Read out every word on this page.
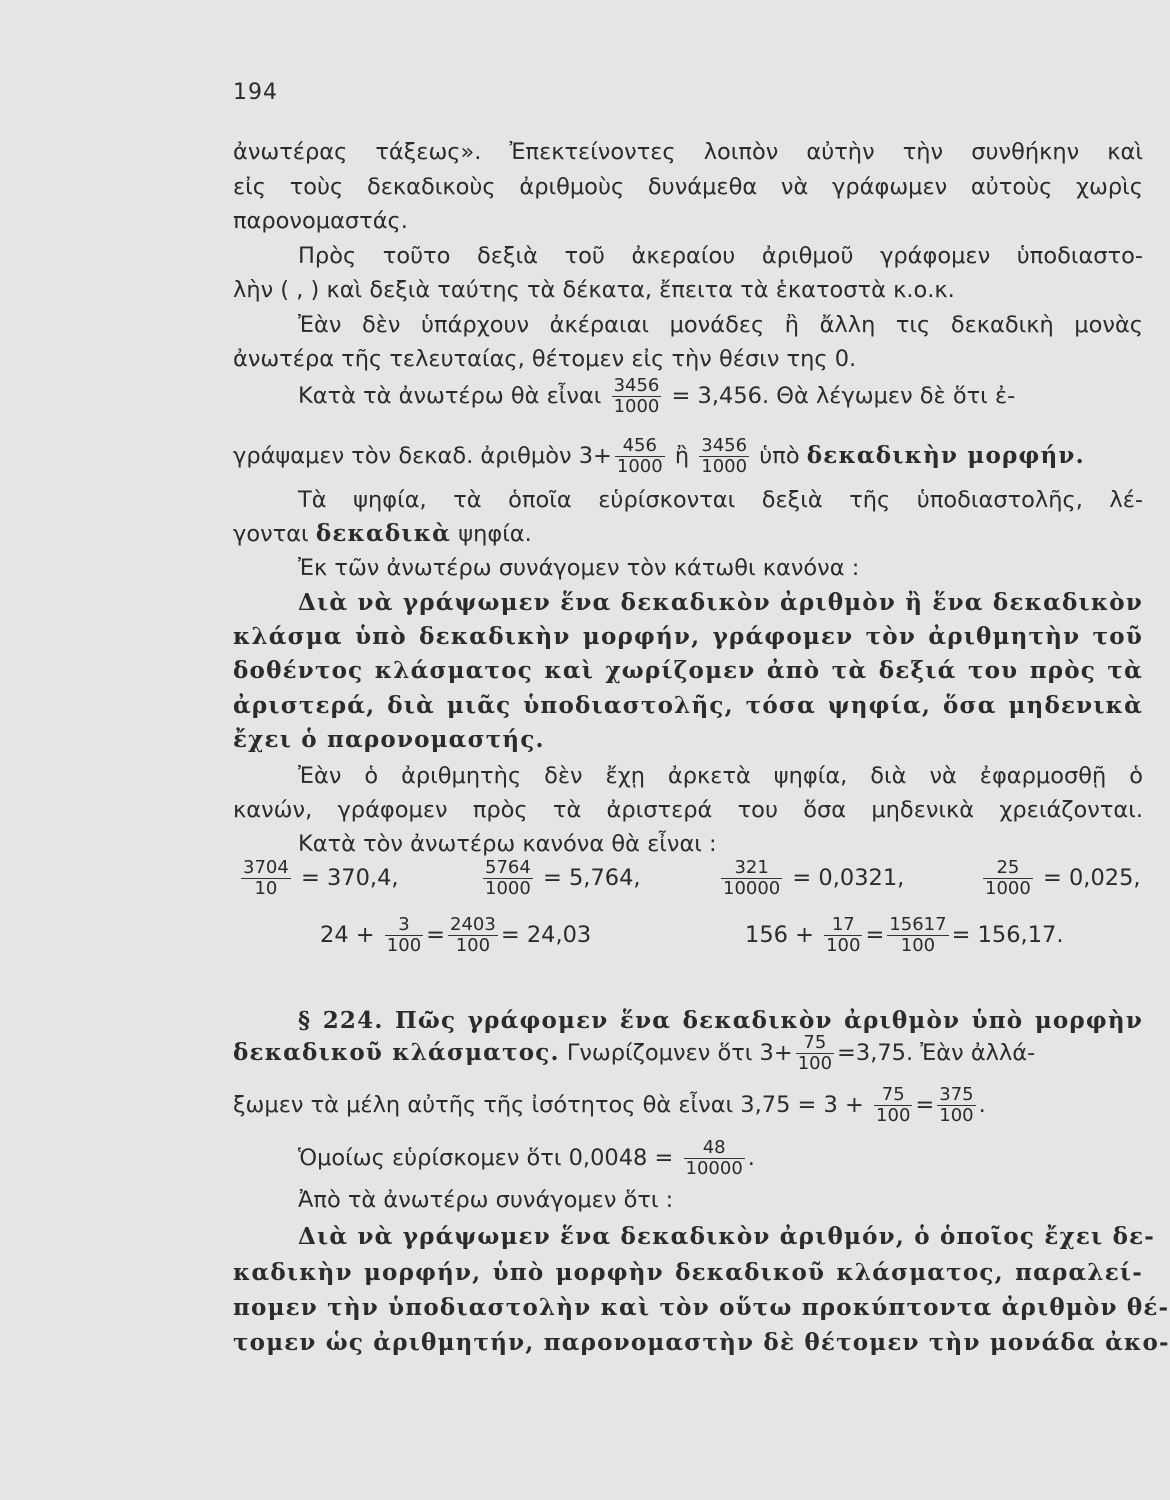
194
ἀνωτέρας τάξεως». Ἐπεκτείνοντες λοιπὸν αὐτὴν τὴν συνθήκην καὶ
εἰς τοὺς δεκαδικοὺς ἀριθμοὺς δυνάμεθα νὰ γράφωμεν αὐτοὺς χωρὶς
παρονομαστάς.
Πρὸς τοῦτο δεξιὰ τοῦ ἀκεραίου ἀριθμοῦ γράφομεν ὑποδιαστο-
λὴν ( , ) καὶ δεξιὰ ταύτης τὰ δέκατα, ἔπειτα τὰ ἑκατοστὰ κ.ο.κ.
Ἐὰν δὲν ὑπάρχουν ἀκέραιαι μονάδες ἢ ἄλλη τις δεκαδικὴ μονὰς
ἀνωτέρα τῆς τελευταίας, θέτομεν εἰς τὴν θέσιν της 0.
Κατὰ τὰ ἀνωτέρω θὰ εἶναι $\frac{3456}{1000} = 3,456$. Θὰ λέγωμεν δὲ ὅτι ἐ-
γράψαμεν τὸν δεκαδ. ἀριθμὸν $3+ \frac{456}{1000}$ ἢ $\frac{3456}{1000}$ ὑπὸ δεκαδικὴν μορφήν.
Τὰ ψηφία, τὰ ὁποῖα εὑρίσκονται δεξιὰ τῆς ὑποδιαστολῆς, λέ-
γονται δεκαδικὰ ψηφία.
Ἐκ τῶν ἀνωτέρω συνάγομεν τὸν κάτωθι κανόνα :
Διὰ νὰ γράψωμεν ἕνα δεκαδικὸν ἀριθμὸν ἢ ἕνα δεκαδικὸν
κλάσμα ὑπὸ δεκαδικὴν μορφήν, γράφομεν τὸν ἀριθμητὴν τοῦ
δοθέντος κλάσματος καὶ χωρίζομεν ἀπὸ τὰ δεξιά του πρὸς τὰ
ἀριστερά, διὰ μιᾶς ὑποδιαστολῆς, τόσα ψηφία, ὅσα μηδενικὰ
ἔχει ὁ παρονομαστής.
Ἐὰν ὁ ἀριθμητὴς δὲν ἔχῃ ἀρκετὰ ψηφία, διὰ νὰ ἐφαρμοσθῇ ὁ
κανών, γράφομεν πρὸς τὰ ἀριστερά του ὅσα μηδενικὰ χρειάζονται.
Κατὰ τὸν ἀνωτέρω κανόνα θὰ εἶναι :
$\frac{3704}{10} = 370,4$,	$\frac{5764}{1000} = 5,764$,	$\frac{321}{10000} = 0,0321$,	$\frac{25}{1000} = 0,025$,
$24 + \frac{3}{100} = \frac{2403}{100} = 24,03$	$156 + \frac{17}{100} = \frac{15617}{100} = 156,17$.
§ 224. Πῶς γράφομεν ἕνα δεκαδικὸν ἀριθμὸν ὑπὸ μορφὴν
δεκαδικοῦ κλάσματος. Γνωρίζομνεν ὅτι $3+ \frac{75}{100} =3,75$. Ἐὰν ἀλλά-
ξωμεν τὰ μέλη αὐτῆς τῆς ἰσότητος θὰ εἶναι $3,75 = 3 + \frac{75}{100} = \frac{375}{100}$ .
Ὁμοίως εὑρίσκομεν ὅτι $0,0048 = \frac{48}{10000}$ .
Ἀπὸ τὰ ἀνωτέρω συνάγομεν ὅτι :
Διὰ νὰ γράψωμεν ἕνα δεκαδικὸν ἀριθμόν, ὁ ὁποῖος ἔχει δε-
καδικὴν μορφήν, ὑπὸ μορφὴν δεκαδικοῦ κλάσματος, παραλεί-
πομεν τὴν ὑποδιαστολὴν καὶ τὸν οὕτω προκύπτοντα ἀριθμὸν θέ-
τομεν ὡς ἀριθμητήν, παρονομαστὴν δὲ θέτομεν τὴν μονάδα ἀκο-
